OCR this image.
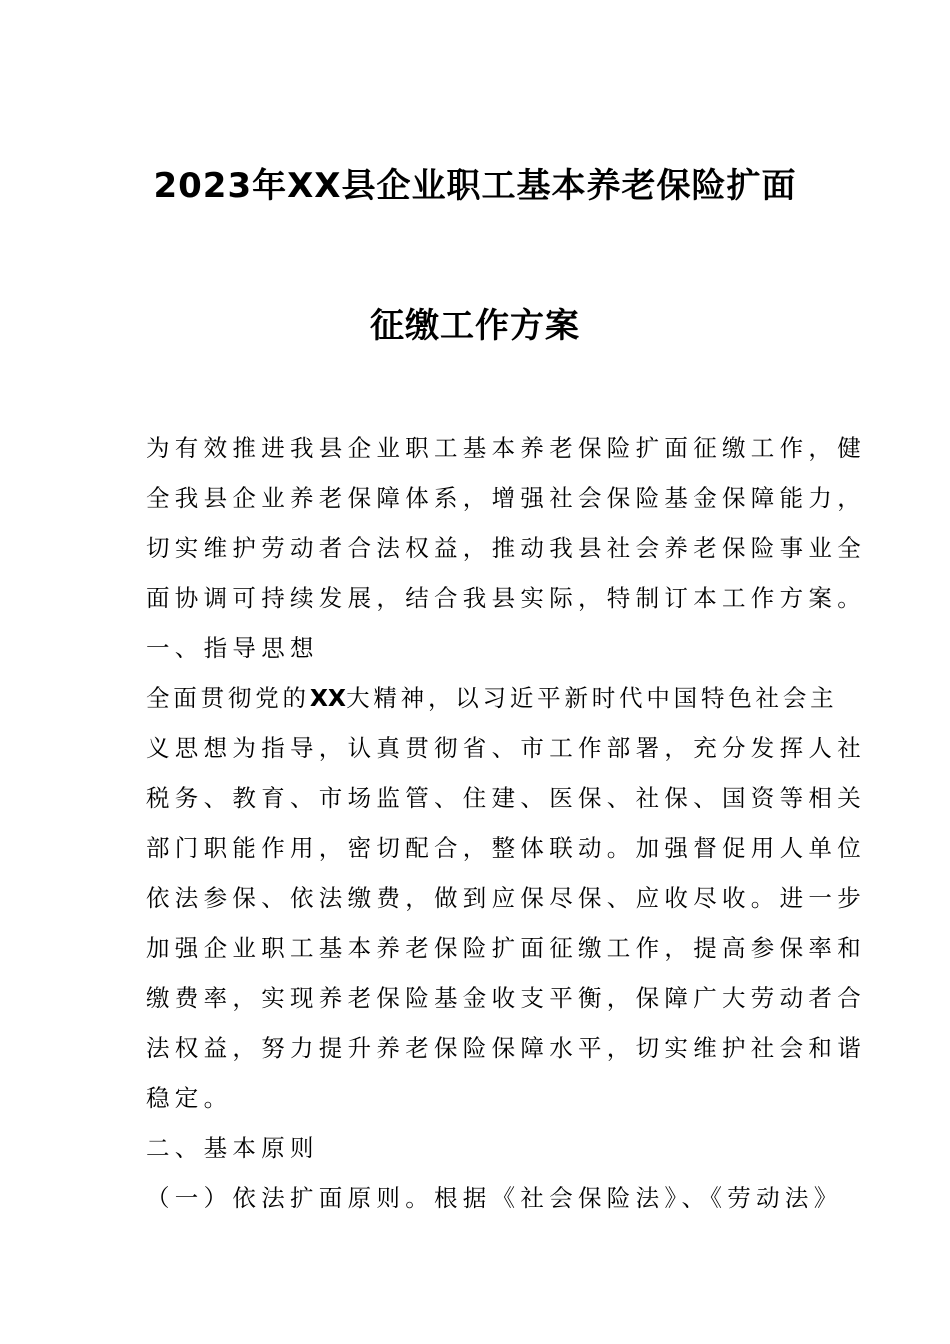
2023年XX县企业职工基本养老保险扩面
征缴工作方案
为有效推进我县企业职工基本养老保险扩面征缴工作，健
全我县企业养老保障体系，增强社会保险基金保障能力，
切实维护劳动者合法权益，推动我县社会养老保险事业全
面协调可持续发展，结合我县实际，特制订本工作方案。
一、指导思想
全面贯彻党的XX大精神，以习近平新时代中国特色社会主
义思想为指导，认真贯彻省、市工作部署，充分发挥人社
税务、教育、市场监管、住建、医保、社保、国资等相关
部门职能作用，密切配合，整体联动。加强督促用人单位
依法参保、依法缴费，做到应保尽保、应收尽收。进一步
加强企业职工基本养老保险扩面征缴工作，提高参保率和
缴费率，实现养老保险基金收支平衡，保障广大劳动者合
法权益，努力提升养老保险保障水平，切实维护社会和谐
稳定。
二、基本原则
（一）依法扩面原则。根据《社会保险法》、《劳动法》
